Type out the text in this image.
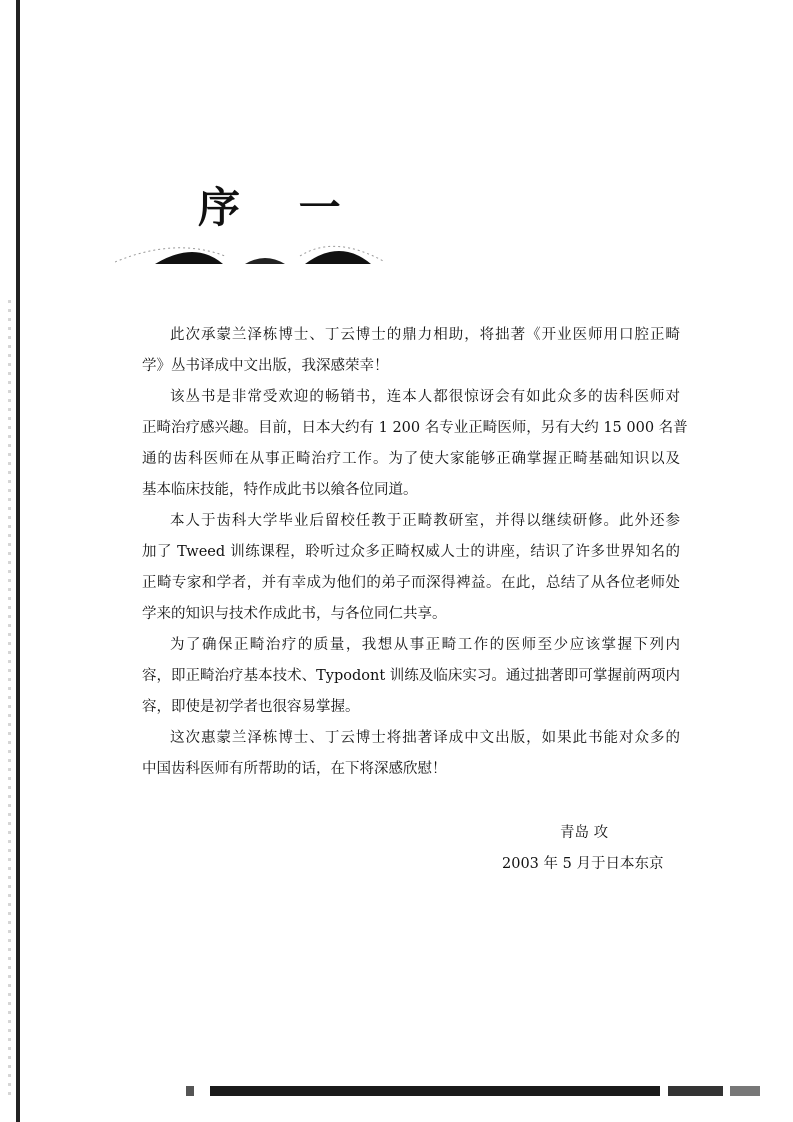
序 一
此次承蒙兰泽栋博士、丁云博士的鼎力相助，将拙著《开业医师用口腔正畸
学》丛书译成中文出版，我深感荣幸！
该丛书是非常受欢迎的畅销书，连本人都很惊讶会有如此众多的齿科医师对
正畸治疗感兴趣。目前，日本大约有 1 200 名专业正畸医师，另有大约 15 000 名普
通的齿科医师在从事正畸治疗工作。为了使大家能够正确掌握正畸基础知识以及
基本临床技能，特作成此书以飨各位同道。
本人于齿科大学毕业后留校任教于正畸教研室，并得以继续研修。此外还参
加了 Tweed 训练课程，聆听过众多正畸权威人士的讲座，结识了许多世界知名的
正畸专家和学者，并有幸成为他们的弟子而深得裨益。在此，总结了从各位老师处
学来的知识与技术作成此书，与各位同仁共享。
为了确保正畸治疗的质量，我想从事正畸工作的医师至少应该掌握下列内
容，即正畸治疗基本技术、Typodont 训练及临床实习。通过拙著即可掌握前两项内
容，即使是初学者也很容易掌握。
这次惠蒙兰泽栋博士、丁云博士将拙著译成中文出版，如果此书能对众多的
中国齿科医师有所帮助的话，在下将深感欣慰！
青岛 攻
2003 年 5 月于日本东京
